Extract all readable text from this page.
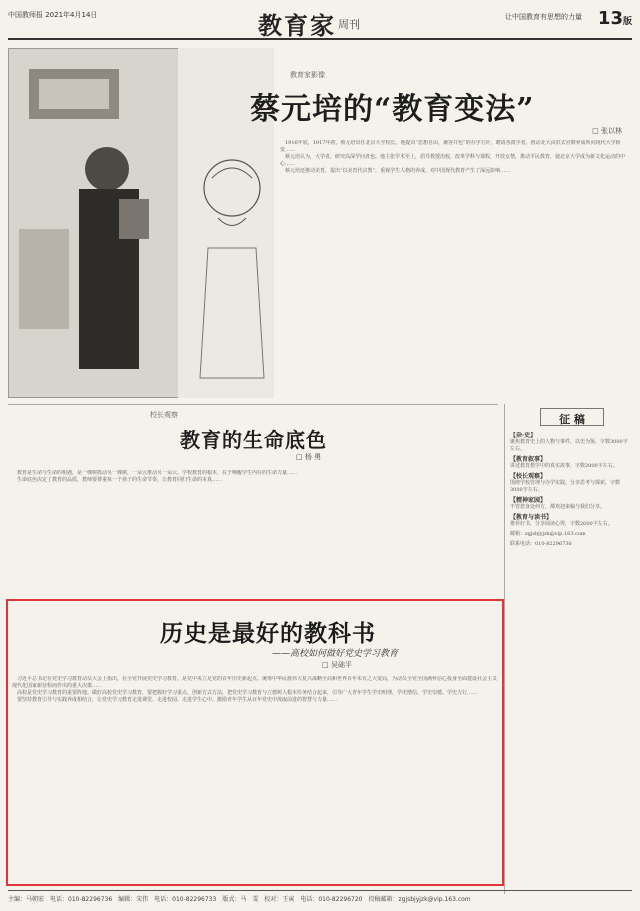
中国教师报 2021年4月14日	教育家 周刊
让中国教育有思想的力量 13版
教育家影像
蔡元培的“教育变法”
□ 张以林

1916年底，1917年初，蔡元培出任北京大学校长。他提出“思想自由，兼容并包”的办学方针，聘请各派学者，推动北大由旧式官僚养成所向现代大学转变……

蔡元培认为，大学者，研究高深学问者也。他主张学术至上，倡导教授治校，改革学科与课程，开放女禁，推动平民教育，使北京大学成为新文化运动的中心……

蔡元培还推动美育，提出“以美育代宗教”，重视学生人格的养成，对中国现代教育产生了深远影响……

校长观察
教育的生命底色
□ 杨 勇

教育是生命与生命的相遇，是一棵树摇动另一棵树，一朵云推动另一朵云。学校教育的根本，在于唤醒学生内在的生命力量……

生命底色决定了教育的品质，教师要尊重每一个孩子的生命节奏，让教育回归生命的本真……

征 稿
【杂·史】
聚焦教育史上的人物与事件，以史为鉴，字数3000字左右。
【教育叙事】
讲述教育教学中的真实故事，字数2000字左右。
【校长观察】
围绕学校管理与办学实践，分享思考与探索，字数3000字左右。
【精神家园】
不管您身处何方，都欢迎来稿与我们分享。
【教育与读书】
推荐好书，分享阅读心得，字数2000字左右。
邮箱：zgjsbjyjzk@vip.163.com
联系电话：010-82296736
历史是最好的教科书
——高校如何做好党史学习教育
□ 吴础平

习近平总书记在党史学习教育动员大会上指出，在全党开展党史学习教育，是党中央立足党的百年历史新起点、统筹中华民族伟大复兴战略全局和世界百年未有之大变局，为动员全党全国满怀信心投身全面建设社会主义现代化国家新征程而作出的重大决策……

高校是党史学习教育的重要阵地。做好高校党史学习教育，要把握好学习重点，创新方式方法，把党史学习教育与立德树人根本任务结合起来，引导广大青年学生学史明理、学史增信、学史崇德、学史力行……

要坚持教育引导与实践养成相结合，让党史学习教育走进课堂、走进校园、走进学生心中，激励青年学生从百年党史中汲取前进的智慧与力量……

主编：马朝宏　电话：010-82296736　编辑：宋伟　电话：010-82296733　版式：马　雯　校对：王寅　电话：010-82296720　投稿邮箱：zgjsbjyjzk@vip.163.com
